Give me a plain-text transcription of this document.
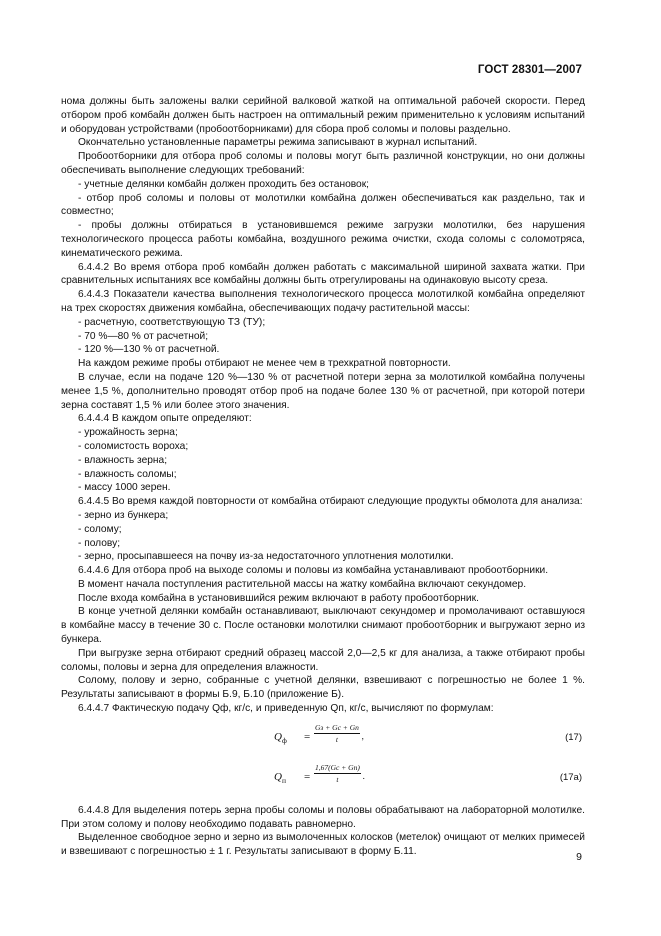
ГОСТ 28301—2007

нома должны быть заложены валки серийной валковой жаткой на оптимальной рабочей скорости. Перед отбором проб комбайн должен быть настроен на оптимальный режим применительно к условиям испытаний и оборудован устройствами (пробоотборниками) для сбора проб соломы и половы раздельно.

Окончательно установленные параметры режима записывают в журнал испытаний.

Пробоотборники для отбора проб соломы и половы могут быть различной конструкции, но они должны обеспечивать выполнение следующих требований:

- учетные делянки комбайн должен проходить без остановок;

- отбор проб соломы и половы от молотилки комбайна должен обеспечиваться как раздельно, так и совместно;

- пробы должны отбираться в установившемся режиме загрузки молотилки, без нарушения технологического процесса работы комбайна, воздушного режима очистки, схода соломы с соломотряса, кинематического режима.

6.4.4.2 Во время отбора проб комбайн должен работать с максимальной шириной захвата жатки. При сравнительных испытаниях все комбайны должны быть отрегулированы на одинаковую высоту среза.

6.4.4.3 Показатели качества выполнения технологического процесса молотилкой комбайна определяют на трех скоростях движения комбайна, обеспечивающих подачу растительной массы:

- расчетную, соответствующую ТЗ (ТУ);

- 70 %—80 % от расчетной;

- 120 %—130 % от расчетной.

На каждом режиме пробы отбирают не менее чем в трехкратной повторности.

В случае, если на подаче 120 %—130 % от расчетной потери зерна за молотилкой комбайна получены менее 1,5 %, дополнительно проводят отбор проб на подаче более 130 % от расчетной, при которой потери зерна составят 1,5 % или более этого значения.

6.4.4.4 В каждом опыте определяют:

- урожайность зерна;

- соломистость вороха;

- влажность зерна;

- влажность соломы;

- массу 1000 зерен.

6.4.4.5 Во время каждой повторности от комбайна отбирают следующие продукты обмолота для анализа:

- зерно из бункера;

- солому;

- полову;

- зерно, просыпавшееся на почву из-за недостаточного уплотнения молотилки.

6.4.4.6 Для отбора проб на выходе соломы и половы из комбайна устанавливают пробоотборники.

В момент начала поступления растительной массы на жатку комбайна включают секундомер.

После входа комбайна в установившийся режим включают в работу пробоотборник.

В конце учетной делянки комбайн останавливают, выключают секундомер и промолачивают оставшуюся в комбайне массу в течение 30 с. После остановки молотилки снимают пробоотборник и выгружают зерно из бункера.

При выгрузке зерна отбирают средний образец массой 2,0—2,5 кг для анализа, а также отбирают пробы соломы, половы и зерна для определения влажности.

Солому, полову и зерно, собранные с учетной делянки, взвешивают с погрешностью не более 1 %. Результаты записывают в формы Б.9, Б.10 (приложение Б).

6.4.4.7 Фактическую подачу Qф, кг/с, и приведенную Qп, кг/с, вычисляют по формулам:

$Q_ф$ =
Gз + Gс + Gп
t	,	(17)
$Q_п$ =
1,67(Gс + Gп)
t	.	(17а)

6.4.4.8 Для выделения потерь зерна пробы соломы и половы обрабатывают на лабораторной молотилке. При этом солому и полову необходимо подавать равномерно.

Выделенное свободное зерно и зерно из вымолоченных колосков (метелок) очищают от мелких примесей и взвешивают с погрешностью ± 1 г. Результаты записывают в форму Б.11.	9
